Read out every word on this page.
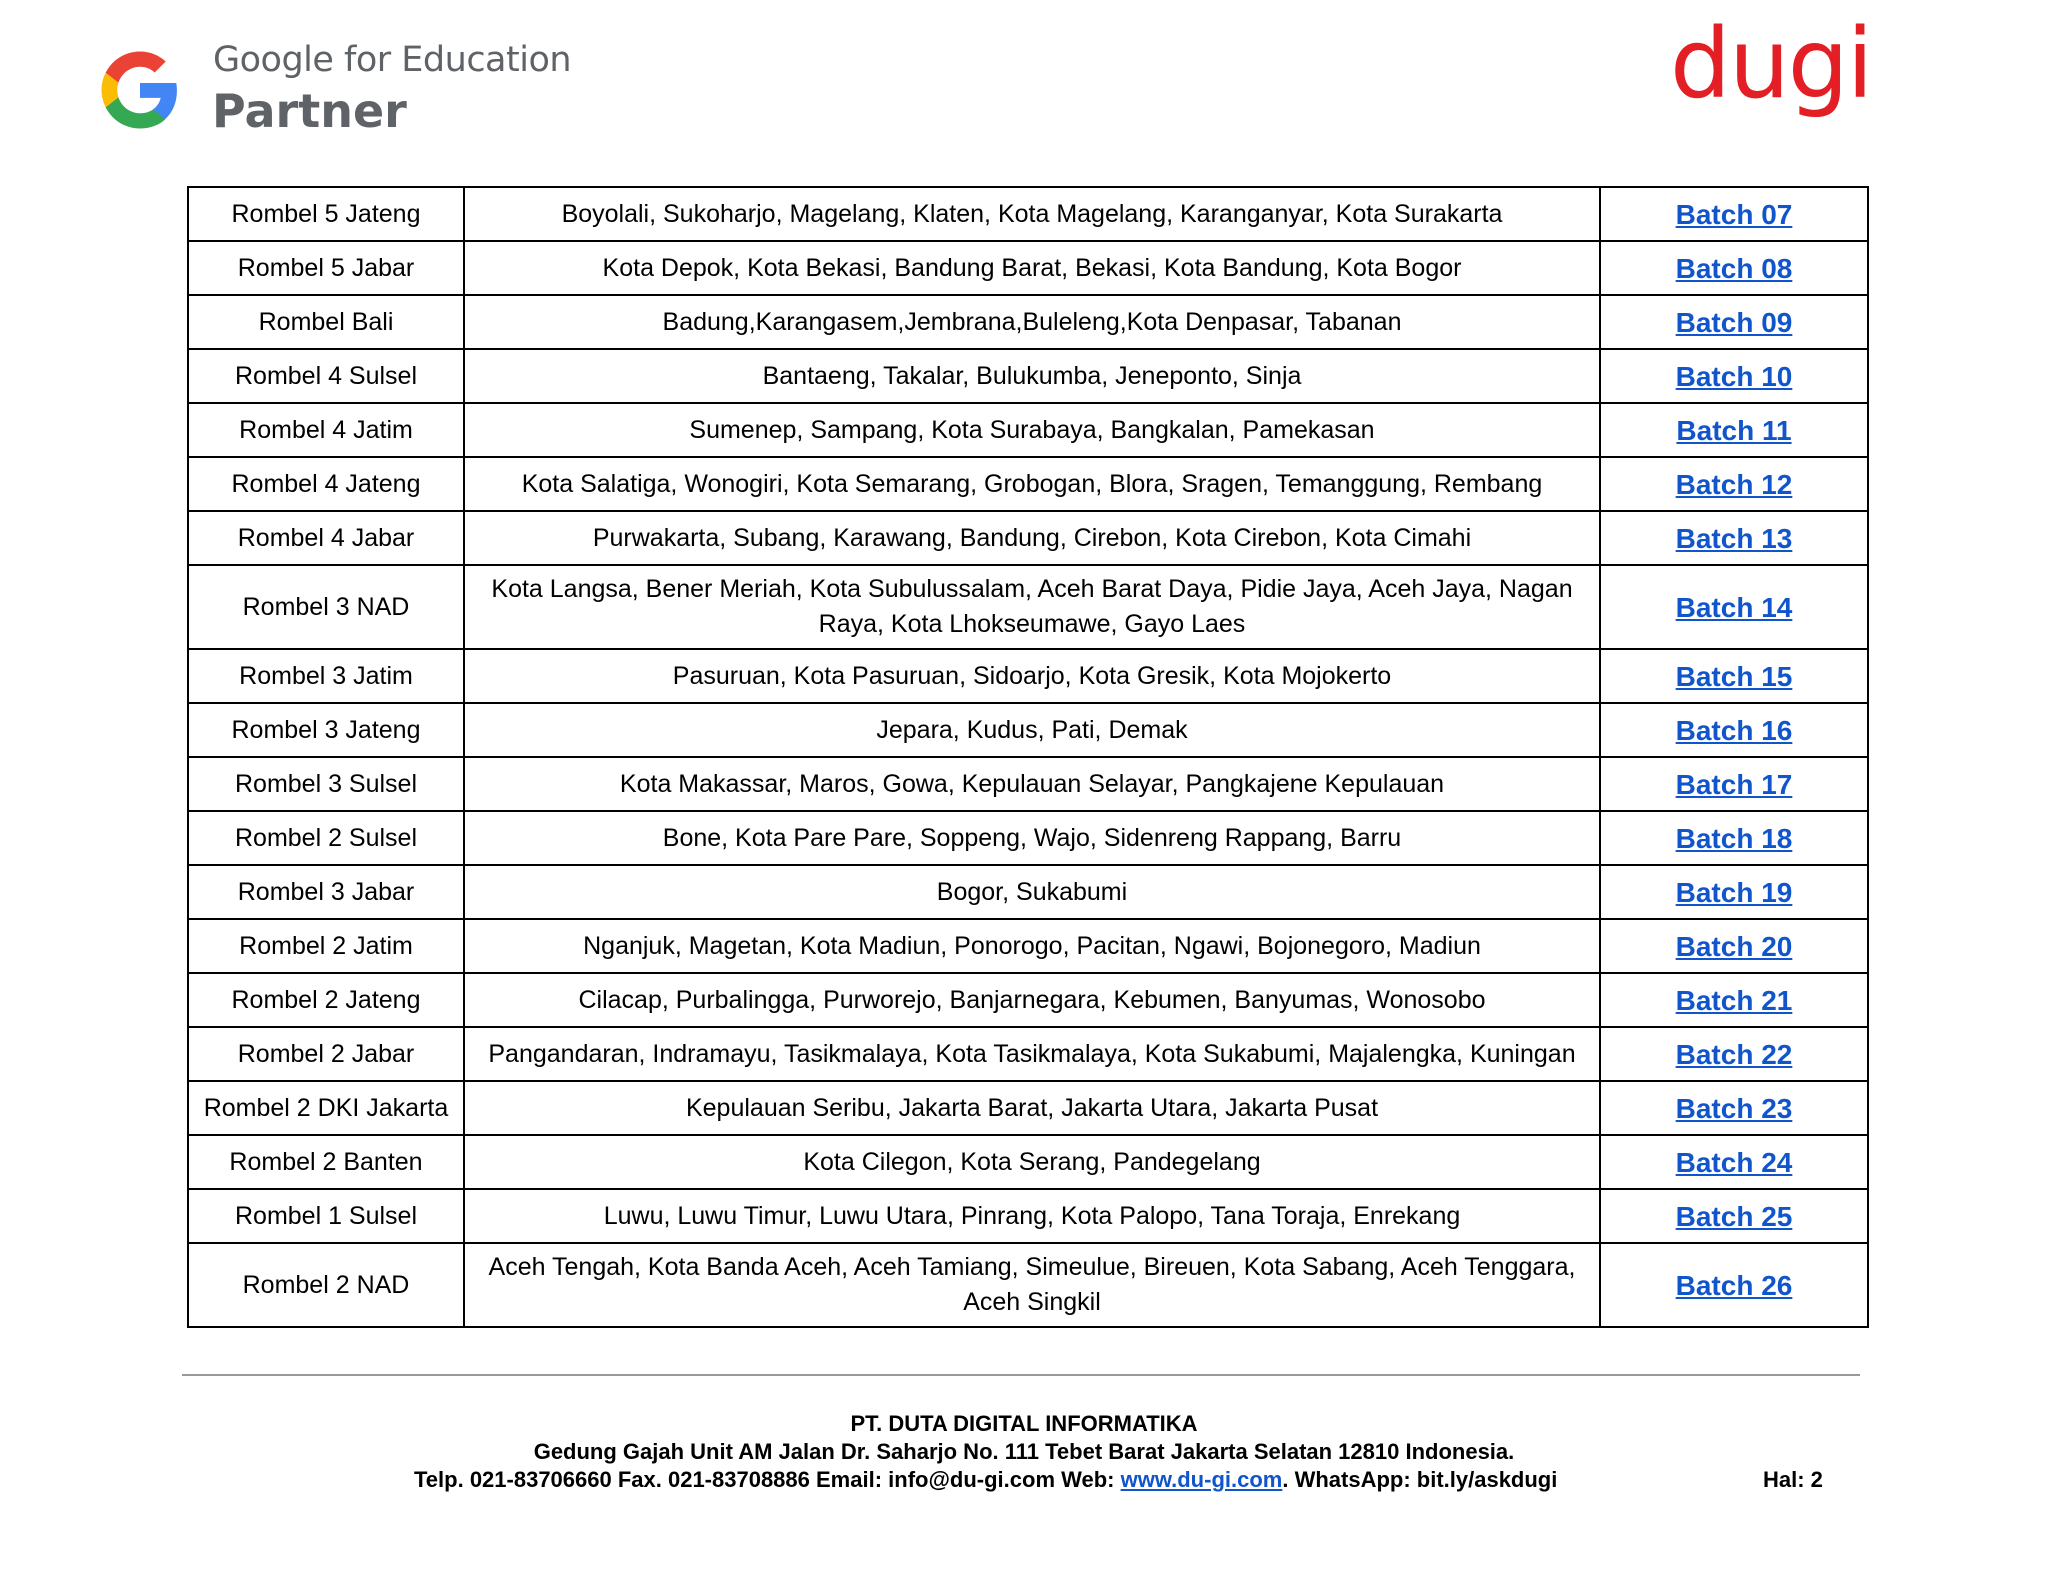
Google for Education
Partner	dugi
Rombel 5 Jateng	Boyolali, Sukoharjo, Magelang, Klaten, Kota Magelang, Karanganyar, Kota Surakarta	Batch 07
Rombel 5 Jabar	Kota Depok, Kota Bekasi, Bandung Barat, Bekasi, Kota Bandung, Kota Bogor	Batch 08
Rombel Bali	Badung,Karangasem,Jembrana,Buleleng,Kota Denpasar, Tabanan	Batch 09
Rombel 4 Sulsel	Bantaeng, Takalar, Bulukumba, Jeneponto, Sinja	Batch 10
Rombel 4 Jatim	Sumenep, Sampang, Kota Surabaya, Bangkalan, Pamekasan	Batch 11
Rombel 4 Jateng	Kota Salatiga, Wonogiri, Kota Semarang, Grobogan, Blora, Sragen, Temanggung, Rembang	Batch 12
Rombel 4 Jabar	Purwakarta, Subang, Karawang, Bandung, Cirebon, Kota Cirebon, Kota Cimahi	Batch 13
Rombel 3 NAD	Kota Langsa, Bener Meriah, Kota Subulussalam, Aceh Barat Daya, Pidie Jaya, Aceh Jaya, Nagan Raya, Kota Lhokseumawe, Gayo Laes	Batch 14
Rombel 3 Jatim	Pasuruan, Kota Pasuruan, Sidoarjo, Kota Gresik, Kota Mojokerto	Batch 15
Rombel 3 Jateng	Jepara, Kudus, Pati, Demak	Batch 16
Rombel 3 Sulsel	Kota Makassar, Maros, Gowa, Kepulauan Selayar, Pangkajene Kepulauan	Batch 17
Rombel 2 Sulsel	Bone, Kota Pare Pare, Soppeng, Wajo, Sidenreng Rappang, Barru	Batch 18
Rombel 3 Jabar	Bogor, Sukabumi	Batch 19
Rombel 2 Jatim	Nganjuk, Magetan, Kota Madiun, Ponorogo, Pacitan, Ngawi, Bojonegoro, Madiun	Batch 20
Rombel 2 Jateng	Cilacap, Purbalingga, Purworejo, Banjarnegara, Kebumen, Banyumas, Wonosobo	Batch 21
Rombel 2 Jabar	Pangandaran, Indramayu, Tasikmalaya, Kota Tasikmalaya, Kota Sukabumi, Majalengka, Kuningan	Batch 22
Rombel 2 DKI Jakarta	Kepulauan Seribu, Jakarta Barat, Jakarta Utara, Jakarta Pusat	Batch 23
Rombel 2 Banten	Kota Cilegon, Kota Serang, Pandegelang	Batch 24
Rombel 1 Sulsel	Luwu, Luwu Timur, Luwu Utara, Pinrang, Kota Palopo, Tana Toraja, Enrekang	Batch 25
Rombel 2 NAD	Aceh Tengah, Kota Banda Aceh, Aceh Tamiang, Simeulue, Bireuen, Kota Sabang, Aceh Tenggara, Aceh Singkil	Batch 26
PT. DUTA DIGITAL INFORMATIKA
Gedung Gajah Unit AM Jalan Dr. Saharjo No. 111 Tebet Barat Jakarta Selatan 12810 Indonesia.
Telp. 021-83706660 Fax. 021-83708886 Email: info@du-gi.com Web: www.du-gi.com. WhatsApp: bit.ly/askdugi	Hal: 2
